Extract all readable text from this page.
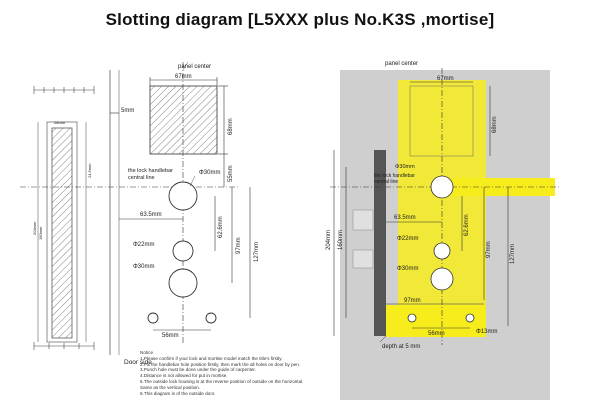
Slotting diagram [L5XXX plus No.K3S ,mortise]
28mm
204mm 160mm
24.5mm
67mm
panel center
68mm
5mm
55mm
the lock handlebar
central line
Φ30mm
63.5mm
62.6mm
Φ22mm	97mm
Φ30mm
127mm
56mm
Door side
panel center
67mm
68mm
Φ30mm
the lock handlebar
central line
63.5mm	62.6mm
Φ22mm
Φ30mm
97mm	127mm
97mm
204mm 160mm
56mm	Φ13mm
depth at 5 mm
Notice
1.Please confirm if your lock and mortise model match the title's firstly.
2.Fix the handlebar hole position firstly, then mark the all holes on door by pen.
3.Punch hole must be done under the guide of carpenter.
4.Distance is not allowed for put in mortise.
5.The outside lock housing is at the reverse position of outside on the horizontal.
Same as the vertical position.
6.This diagram is of the outside door.
